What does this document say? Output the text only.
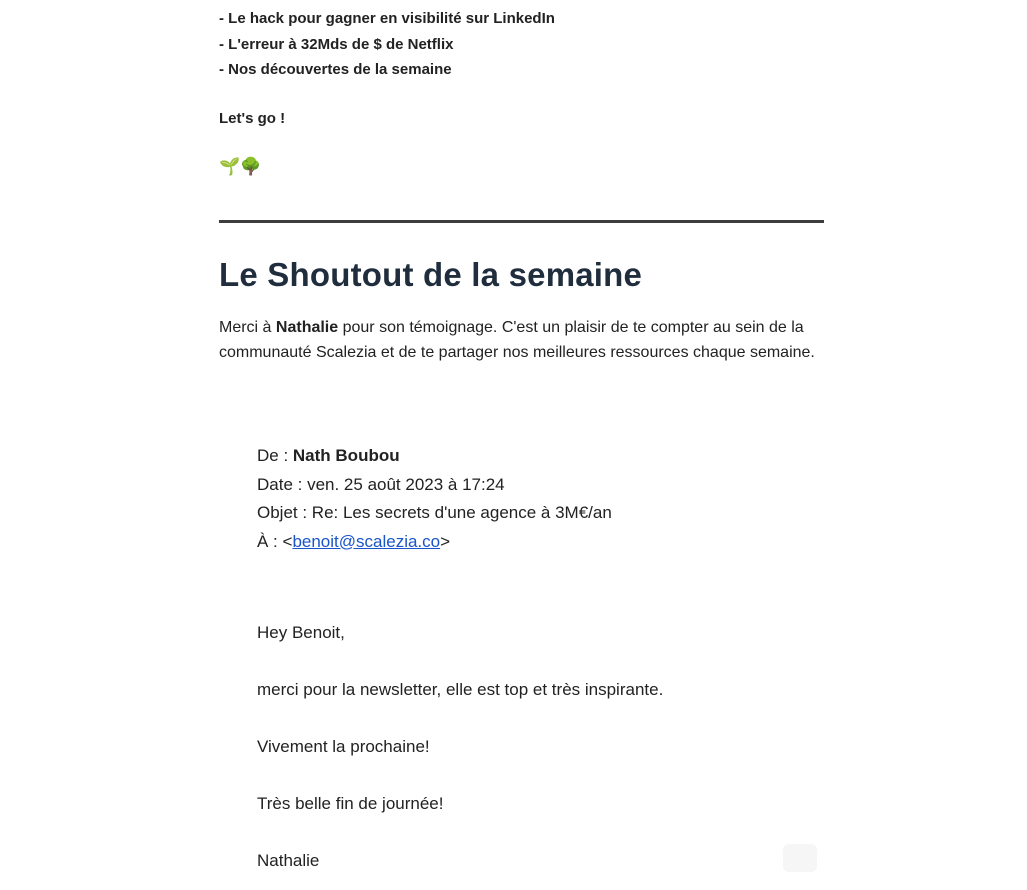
- Le hack pour gagner en visibilité sur LinkedIn
- L'erreur à 32Mds de $ de Netflix
- Nos découvertes de la semaine
Let's go !
🌱🌳
Le Shoutout de la semaine

Merci à Nathalie pour son témoignage. C'est un plaisir de te compter au sein de la communauté Scalezia et de te partager nos meilleures ressources chaque semaine.

De : Nath Boubou
Date : ven. 25 août 2023 à 17:24
Objet : Re: Les secrets d'une agence à 3M€/an
À : <benoit@scalezia.co>
Hey Benoit,
merci pour la newsletter, elle est top et très inspirante.
Vivement la prochaine!
Très belle fin de journée!
Nathalie
